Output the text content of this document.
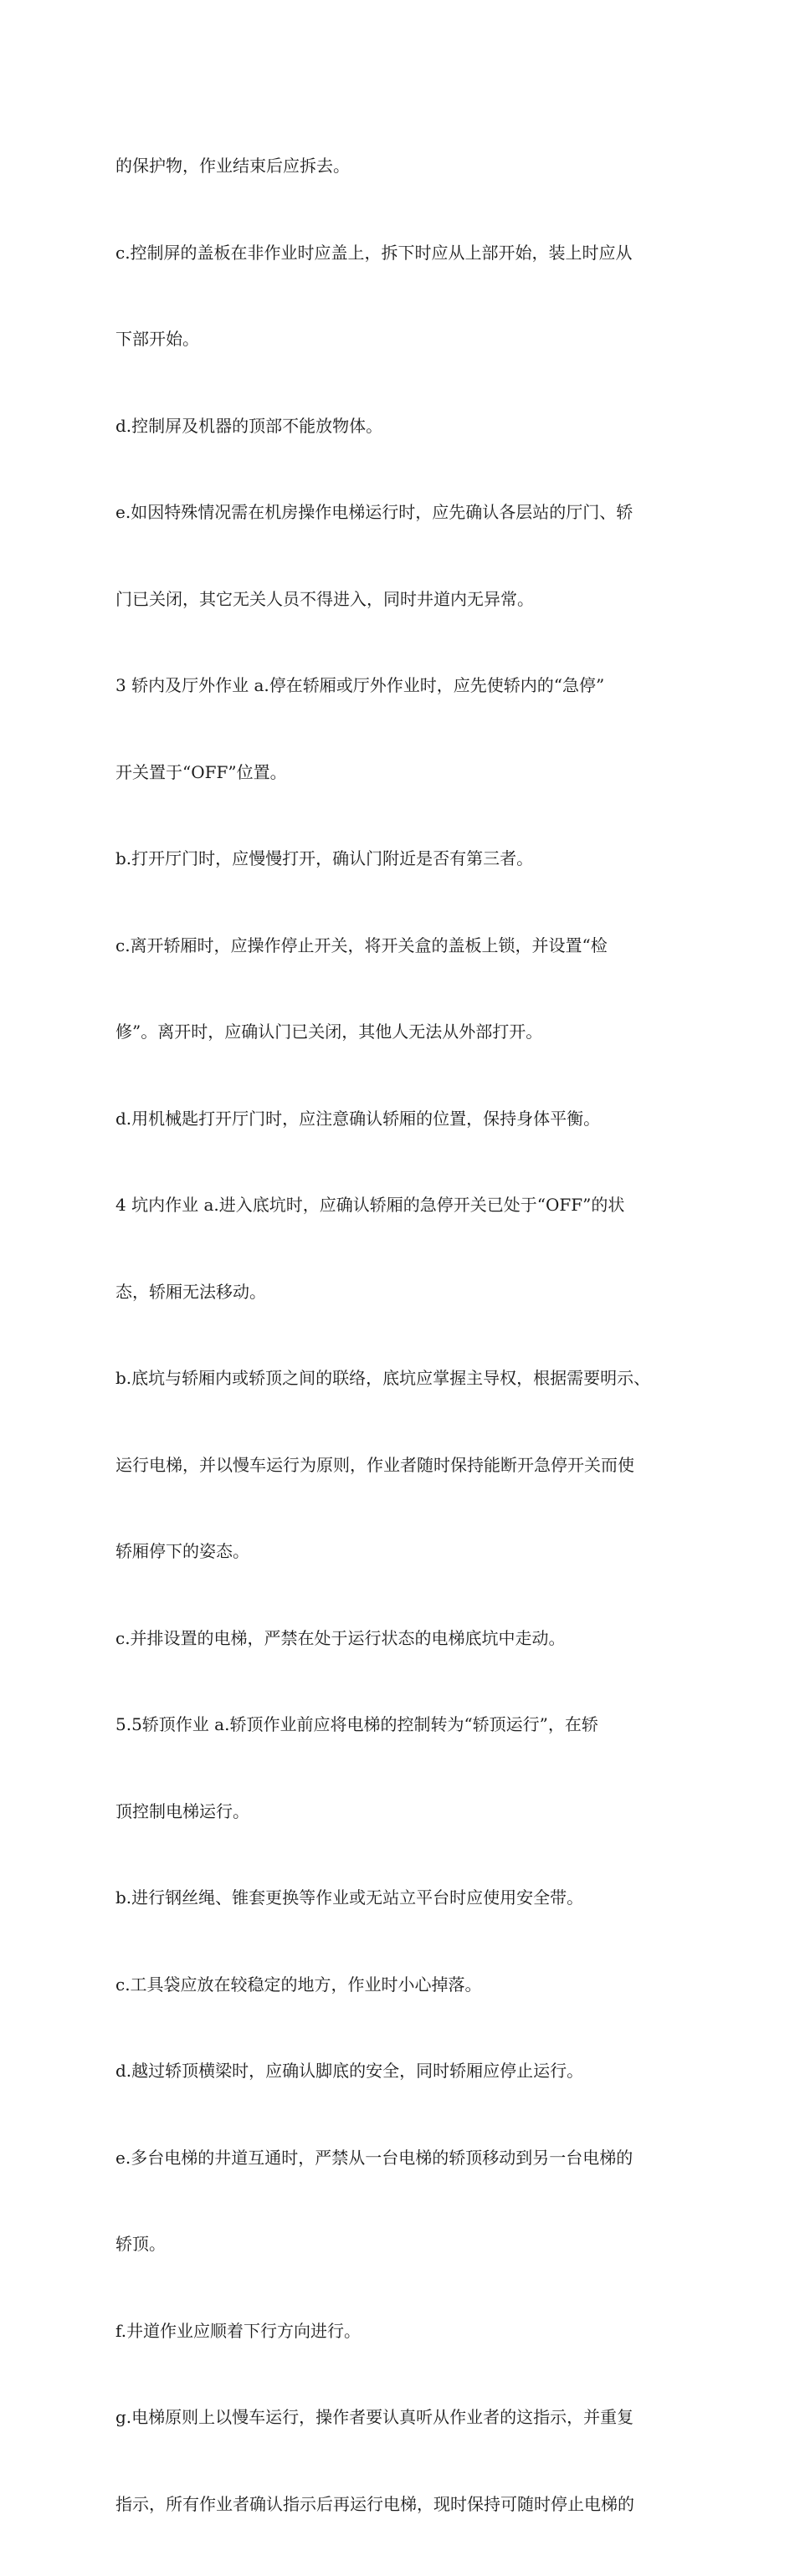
的保护物，作业结束后应拆去。

c.控制屏的盖板在非作业时应盖上，拆下时应从上部开始，装上时应从

下部开始。

d.控制屏及机器的顶部不能放物体。

e.如因特殊情况需在机房操作电梯运行时，应先确认各层站的厅门、轿

门已关闭，其它无关人员不得进入，同时井道内无异常。

3 轿内及厅外作业 a.停在轿厢或厅外作业时，应先使轿内的“急停”

开关置于“OFF”位置。

b.打开厅门时，应慢慢打开，确认门附近是否有第三者。

c.离开轿厢时，应操作停止开关，将开关盒的盖板上锁，并设置“检

修”。离开时，应确认门已关闭，其他人无法从外部打开。

d.用机械匙打开厅门时，应注意确认轿厢的位置，保持身体平衡。

4 坑内作业 a.进入底坑时，应确认轿厢的急停开关已处于“OFF”的状

态，轿厢无法移动。

b.底坑与轿厢内或轿顶之间的联络，底坑应掌握主导权，根据需要明示、

运行电梯，并以慢车运行为原则，作业者随时保持能断开急停开关而使

轿厢停下的姿态。

c.并排设置的电梯，严禁在处于运行状态的电梯底坑中走动。

5.5轿顶作业 a.轿顶作业前应将电梯的控制转为“轿顶运行”，在轿

顶控制电梯运行。

b.进行钢丝绳、锥套更换等作业或无站立平台时应使用安全带。

c.工具袋应放在较稳定的地方，作业时小心掉落。

d.越过轿顶横梁时，应确认脚底的安全，同时轿厢应停止运行。

e.多台电梯的井道互通时，严禁从一台电梯的轿顶移动到另一台电梯的

轿顶。

f.井道作业应顺着下行方向进行。

g.电梯原则上以慢车运行，操作者要认真听从作业者的这指示，并重复

指示，所有作业者确认指示后再运行电梯，现时保持可随时停止电梯的
